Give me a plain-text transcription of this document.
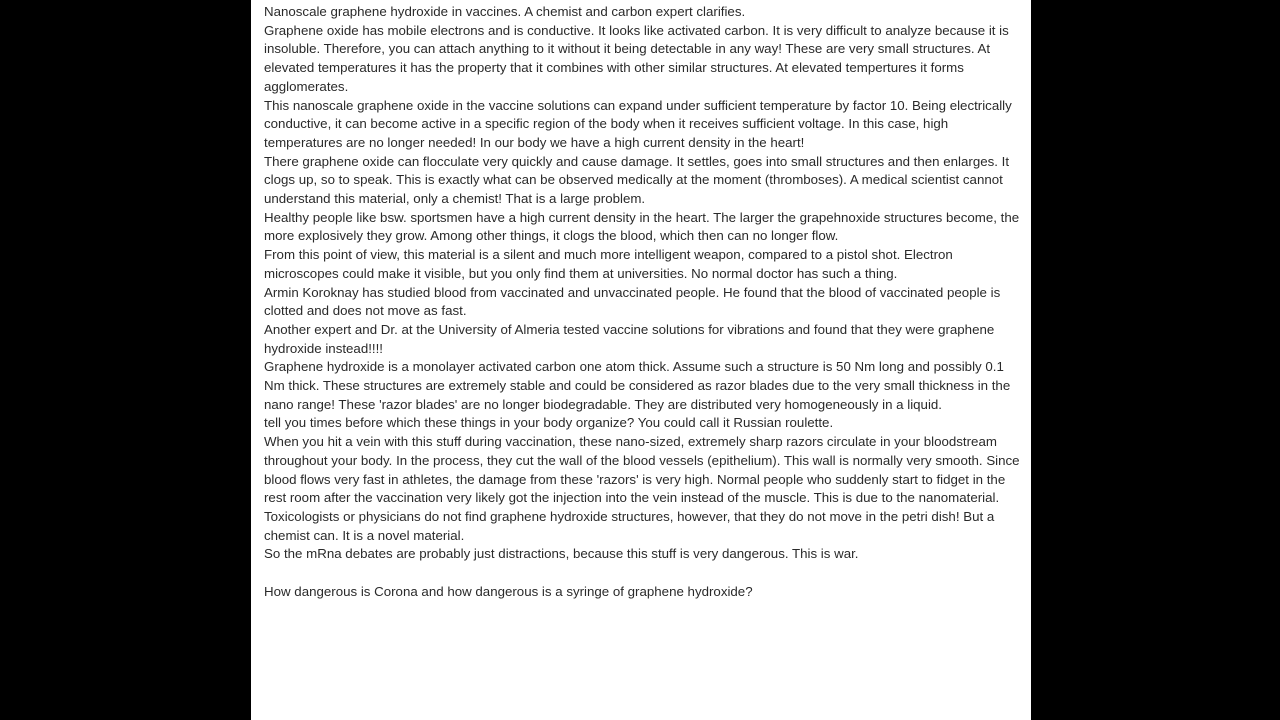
Nanoscale graphene hydroxide in vaccines. A chemist and carbon expert clarifies.

Graphene oxide has mobile electrons and is conductive. It looks like activated carbon. It is very difficult to analyze because it is insoluble. Therefore, you can attach anything to it without it being detectable in any way! These are very small structures. At elevated temperatures it has the property that it combines with other similar structures. At elevated tempertures it forms agglomerates.

This nanoscale graphene oxide in the vaccine solutions can expand under sufficient temperature by factor 10. Being electrically conductive, it can become active in a specific region of the body when it receives sufficient voltage. In this case, high temperatures are no longer needed! In our body we have a high current density in the heart!

There graphene oxide can flocculate very quickly and cause damage. It settles, goes into small structures and then enlarges. It clogs up, so to speak. This is exactly what can be observed medically at the moment (thromboses). A medical scientist cannot understand this material, only a chemist! That is a large problem.

Healthy people like bsw. sportsmen have a high current density in the heart. The larger the grapehnoxide structures become, the more explosively they grow. Among other things, it clogs the blood, which then can no longer flow.

From this point of view, this material is a silent and much more intelligent weapon, compared to a pistol shot. Electron microscopes could make it visible, but you only find them at universities. No normal doctor has such a thing.

Armin Koroknay has studied blood from vaccinated and unvaccinated people. He found that the blood of vaccinated people is clotted and does not move as fast.

Another expert and Dr. at the University of Almeria tested vaccine solutions for vibrations and found that they were graphene hydroxide instead!!!!

Graphene hydroxide is a monolayer activated carbon one atom thick. Assume such a structure is 50 Nm long and possibly 0.1 Nm thick. These structures are extremely stable and could be considered as razor blades due to the very small thickness in the nano range! These 'razor blades' are no longer biodegradable. They are distributed very homogeneously in a liquid.

tell you times before which these things in your body organize? You could call it Russian roulette.

When you hit a vein with this stuff during vaccination, these nano-sized, extremely sharp razors circulate in your bloodstream throughout your body. In the process, they cut the wall of the blood vessels (epithelium). This wall is normally very smooth. Since blood flows very fast in athletes, the damage from these 'razors' is very high. Normal people who suddenly start to fidget in the rest room after the vaccination very likely got the injection into the vein instead of the muscle. This is due to the nanomaterial.

Toxicologists or physicians do not find graphene hydroxide structures, however, that they do not move in the petri dish! But a chemist can. It is a novel material.

So the mRna debates are probably just distractions, because this stuff is very dangerous. This is war.

How dangerous is Corona and how dangerous is a syringe of graphene hydroxide?
